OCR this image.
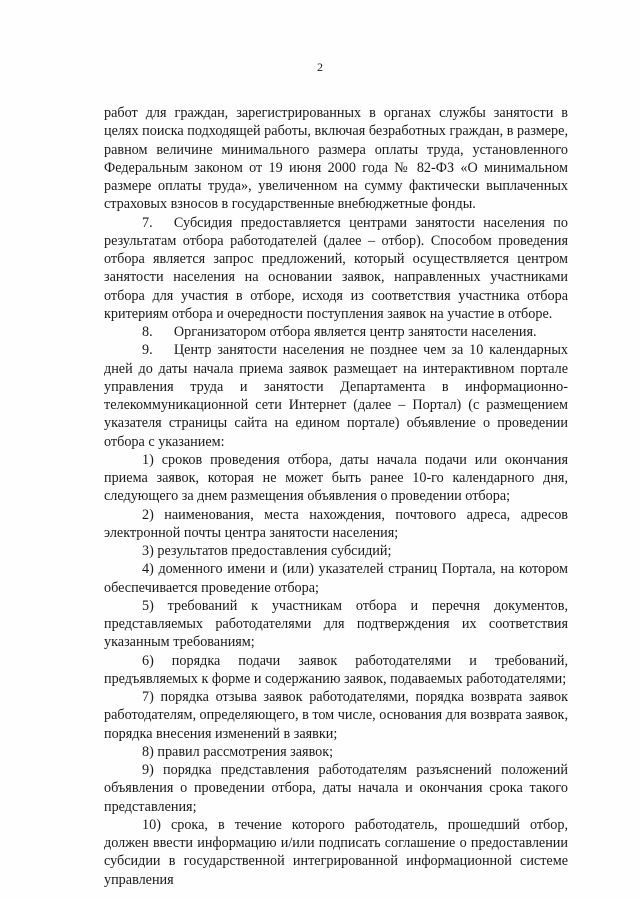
2

работ для граждан, зарегистрированных в органах службы занятости в целях поиска подходящей работы, включая безработных граждан, в размере, равном величине минимального размера оплаты труда, установленного Федеральным законом от 19 июня 2000 года № 82-ФЗ «О минимальном размере оплаты труда», увеличенном на сумму фактически выплаченных страховых взносов в государственные внебюджетные фонды.

7.  Субсидия предоставляется центрами занятости населения по результатам отбора работодателей (далее – отбор). Способом проведения отбора является запрос предложений, который осуществляется центром занятости населения на основании заявок, направленных участниками отбора для участия в отборе, исходя из соответствия участника отбора критериям отбора и очередности поступления заявок на участие в отборе.

8.  Организатором отбора является центр занятости населения.

9.  Центр занятости населения не позднее чем за 10 календарных дней до даты начала приема заявок размещает на интерактивном портале управления труда и занятости Департамента в информационно-телекоммуникационной сети Интернет (далее – Портал) (с размещением указателя страницы сайта на едином портале) объявление о проведении отбора с указанием:

1) сроков проведения отбора, даты начала подачи или окончания приема заявок, которая не может быть ранее 10-го календарного дня, следующего за днем размещения объявления о проведении отбора;

2) наименования, места нахождения, почтового адреса, адресов электронной почты центра занятости населения;

3) результатов предоставления субсидий;

4) доменного имени и (или) указателей страниц Портала, на котором обеспечивается проведение отбора;

5) требований к участникам отбора и перечня документов, представляемых работодателями для подтверждения их соответствия указанным требованиям;

6) порядка подачи заявок работодателями и требований, предъявляемых к форме и содержанию заявок, подаваемых работодателями;

7) порядка отзыва заявок работодателями, порядка возврата заявок работодателям, определяющего, в том числе, основания для возврата заявок, порядка внесения изменений в заявки;

8) правил рассмотрения заявок;

9) порядка представления работодателям разъяснений положений объявления о проведении отбора, даты начала и окончания срока такого представления;

10) срока, в течение которого работодатель, прошедший отбор, должен ввести информацию и/или подписать соглашение о предоставлении субсидии в государственной интегрированной информационной системе управления
